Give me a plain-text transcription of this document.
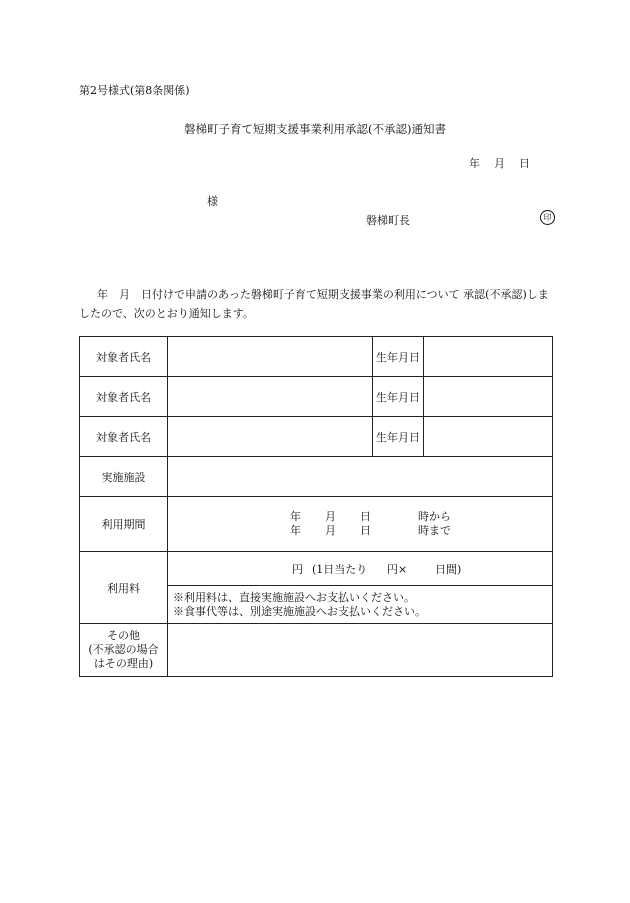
第2号様式(第8条関係)
磐梯町子育て短期支援事業利用承認(不承認)通知書
年 月 日
様
磐梯町長	印
年　月　日付けで申請のあった磐梯町子育て短期支援事業の利用について 承認(不承認)しましたので、次のとおり通知します。
対象者氏名		生年月日	
対象者氏名		生年月日	
対象者氏名		生年月日	
実施施設			
利用期間	年 月 日 時から
年 月 日 時まで		

利用料	円 (1日当たり 円× 日間)		

	※利用料は、直接実施施設へお支払いください。
※食事代等は、別途実施施設へお支払いください。		

その他
(不承認の場合
はその理由)			
